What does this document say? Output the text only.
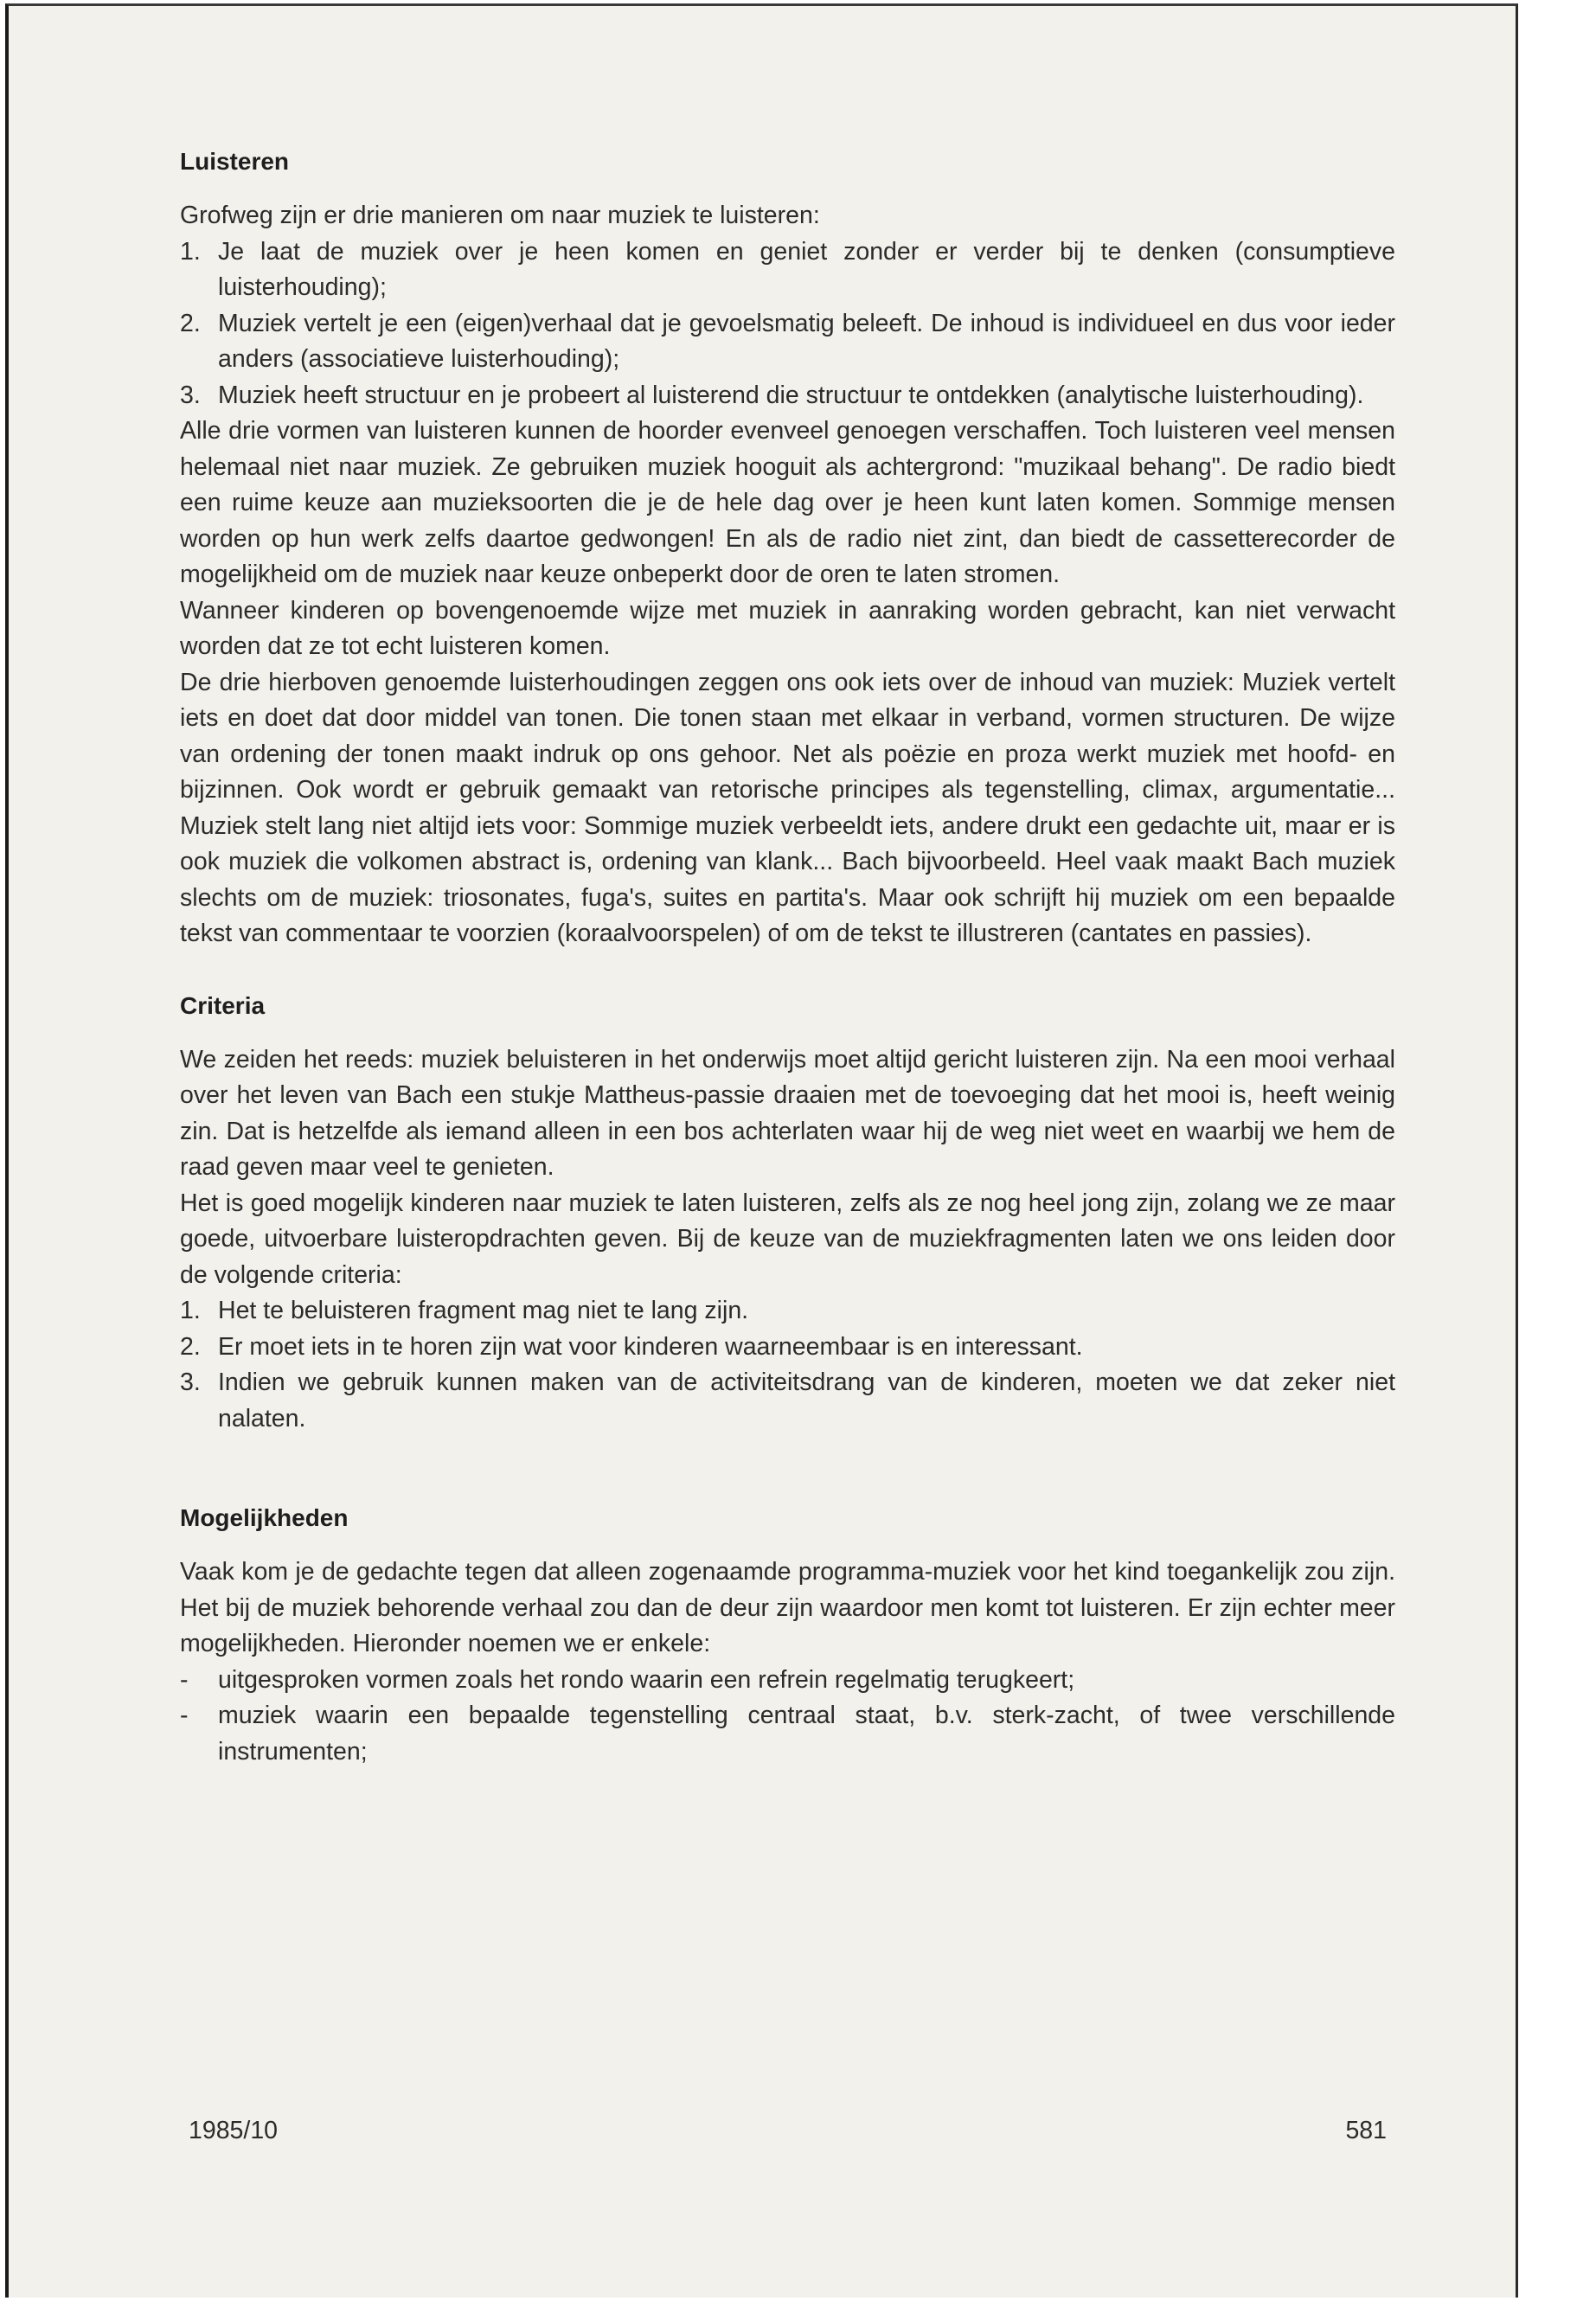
Luisteren

Grofweg zijn er drie manieren om naar muziek te luisteren:

1. Je laat de muziek over je heen komen en geniet zonder er verder bij te denken (consumptieve luisterhouding);
2. Muziek vertelt je een (eigen)verhaal dat je gevoelsmatig beleeft. De inhoud is individueel en dus voor ieder anders (associatieve luisterhouding);
3. Muziek heeft structuur en je probeert al luisterend die structuur te ontdekken (analytische luisterhouding).

Alle drie vormen van luisteren kunnen de hoorder evenveel genoegen verschaffen. Toch luisteren veel mensen helemaal niet naar muziek. Ze gebruiken muziek hooguit als achtergrond: "muzikaal behang". De radio biedt een ruime keuze aan muzieksoorten die je de hele dag over je heen kunt laten komen. Sommige mensen worden op hun werk zelfs daartoe gedwongen! En als de radio niet zint, dan biedt de cassetterecorder de mogelijkheid om de muziek naar keuze onbeperkt door de oren te laten stromen.

Wanneer kinderen op bovengenoemde wijze met muziek in aanraking worden gebracht, kan niet verwacht worden dat ze tot echt luisteren komen.

De drie hierboven genoemde luisterhoudingen zeggen ons ook iets over de inhoud van muziek: Muziek vertelt iets en doet dat door middel van tonen. Die tonen staan met elkaar in verband, vormen structuren. De wijze van ordening der tonen maakt indruk op ons gehoor. Net als poëzie en proza werkt muziek met hoofd- en bijzinnen. Ook wordt er gebruik gemaakt van retorische principes als tegenstelling, climax, argumentatie... Muziek stelt lang niet altijd iets voor: Sommige muziek verbeeldt iets, andere drukt een gedachte uit, maar er is ook muziek die volkomen abstract is, ordening van klank... Bach bijvoorbeeld. Heel vaak maakt Bach muziek slechts om de muziek: triosonates, fuga's, suites en partita's. Maar ook schrijft hij muziek om een bepaalde tekst van commentaar te voorzien (koraalvoorspelen) of om de tekst te illustreren (cantates en passies).

Criteria

We zeiden het reeds: muziek beluisteren in het onderwijs moet altijd gericht luisteren zijn. Na een mooi verhaal over het leven van Bach een stukje Mattheus-passie draaien met de toevoeging dat het mooi is, heeft weinig zin. Dat is hetzelfde als iemand alleen in een bos achterlaten waar hij de weg niet weet en waarbij we hem de raad geven maar veel te genieten.

Het is goed mogelijk kinderen naar muziek te laten luisteren, zelfs als ze nog heel jong zijn, zolang we ze maar goede, uitvoerbare luisteropdrachten geven. Bij de keuze van de muziekfragmenten laten we ons leiden door de volgende criteria:

1. Het te beluisteren fragment mag niet te lang zijn.
2. Er moet iets in te horen zijn wat voor kinderen waarneembaar is en interessant.
3. Indien we gebruik kunnen maken van de activiteitsdrang van de kinderen, moeten we dat zeker niet nalaten.
Mogelijkheden

Vaak kom je de gedachte tegen dat alleen zogenaamde programma-muziek voor het kind toegankelijk zou zijn. Het bij de muziek behorende verhaal zou dan de deur zijn waardoor men komt tot luisteren. Er zijn echter meer mogelijkheden. Hieronder noemen we er enkele:

- uitgesproken vormen zoals het rondo waarin een refrein regelmatig terugkeert;
- muziek waarin een bepaalde tegenstelling centraal staat, b.v. sterk-zacht, of twee verschillende instrumenten;
1985/10	581
